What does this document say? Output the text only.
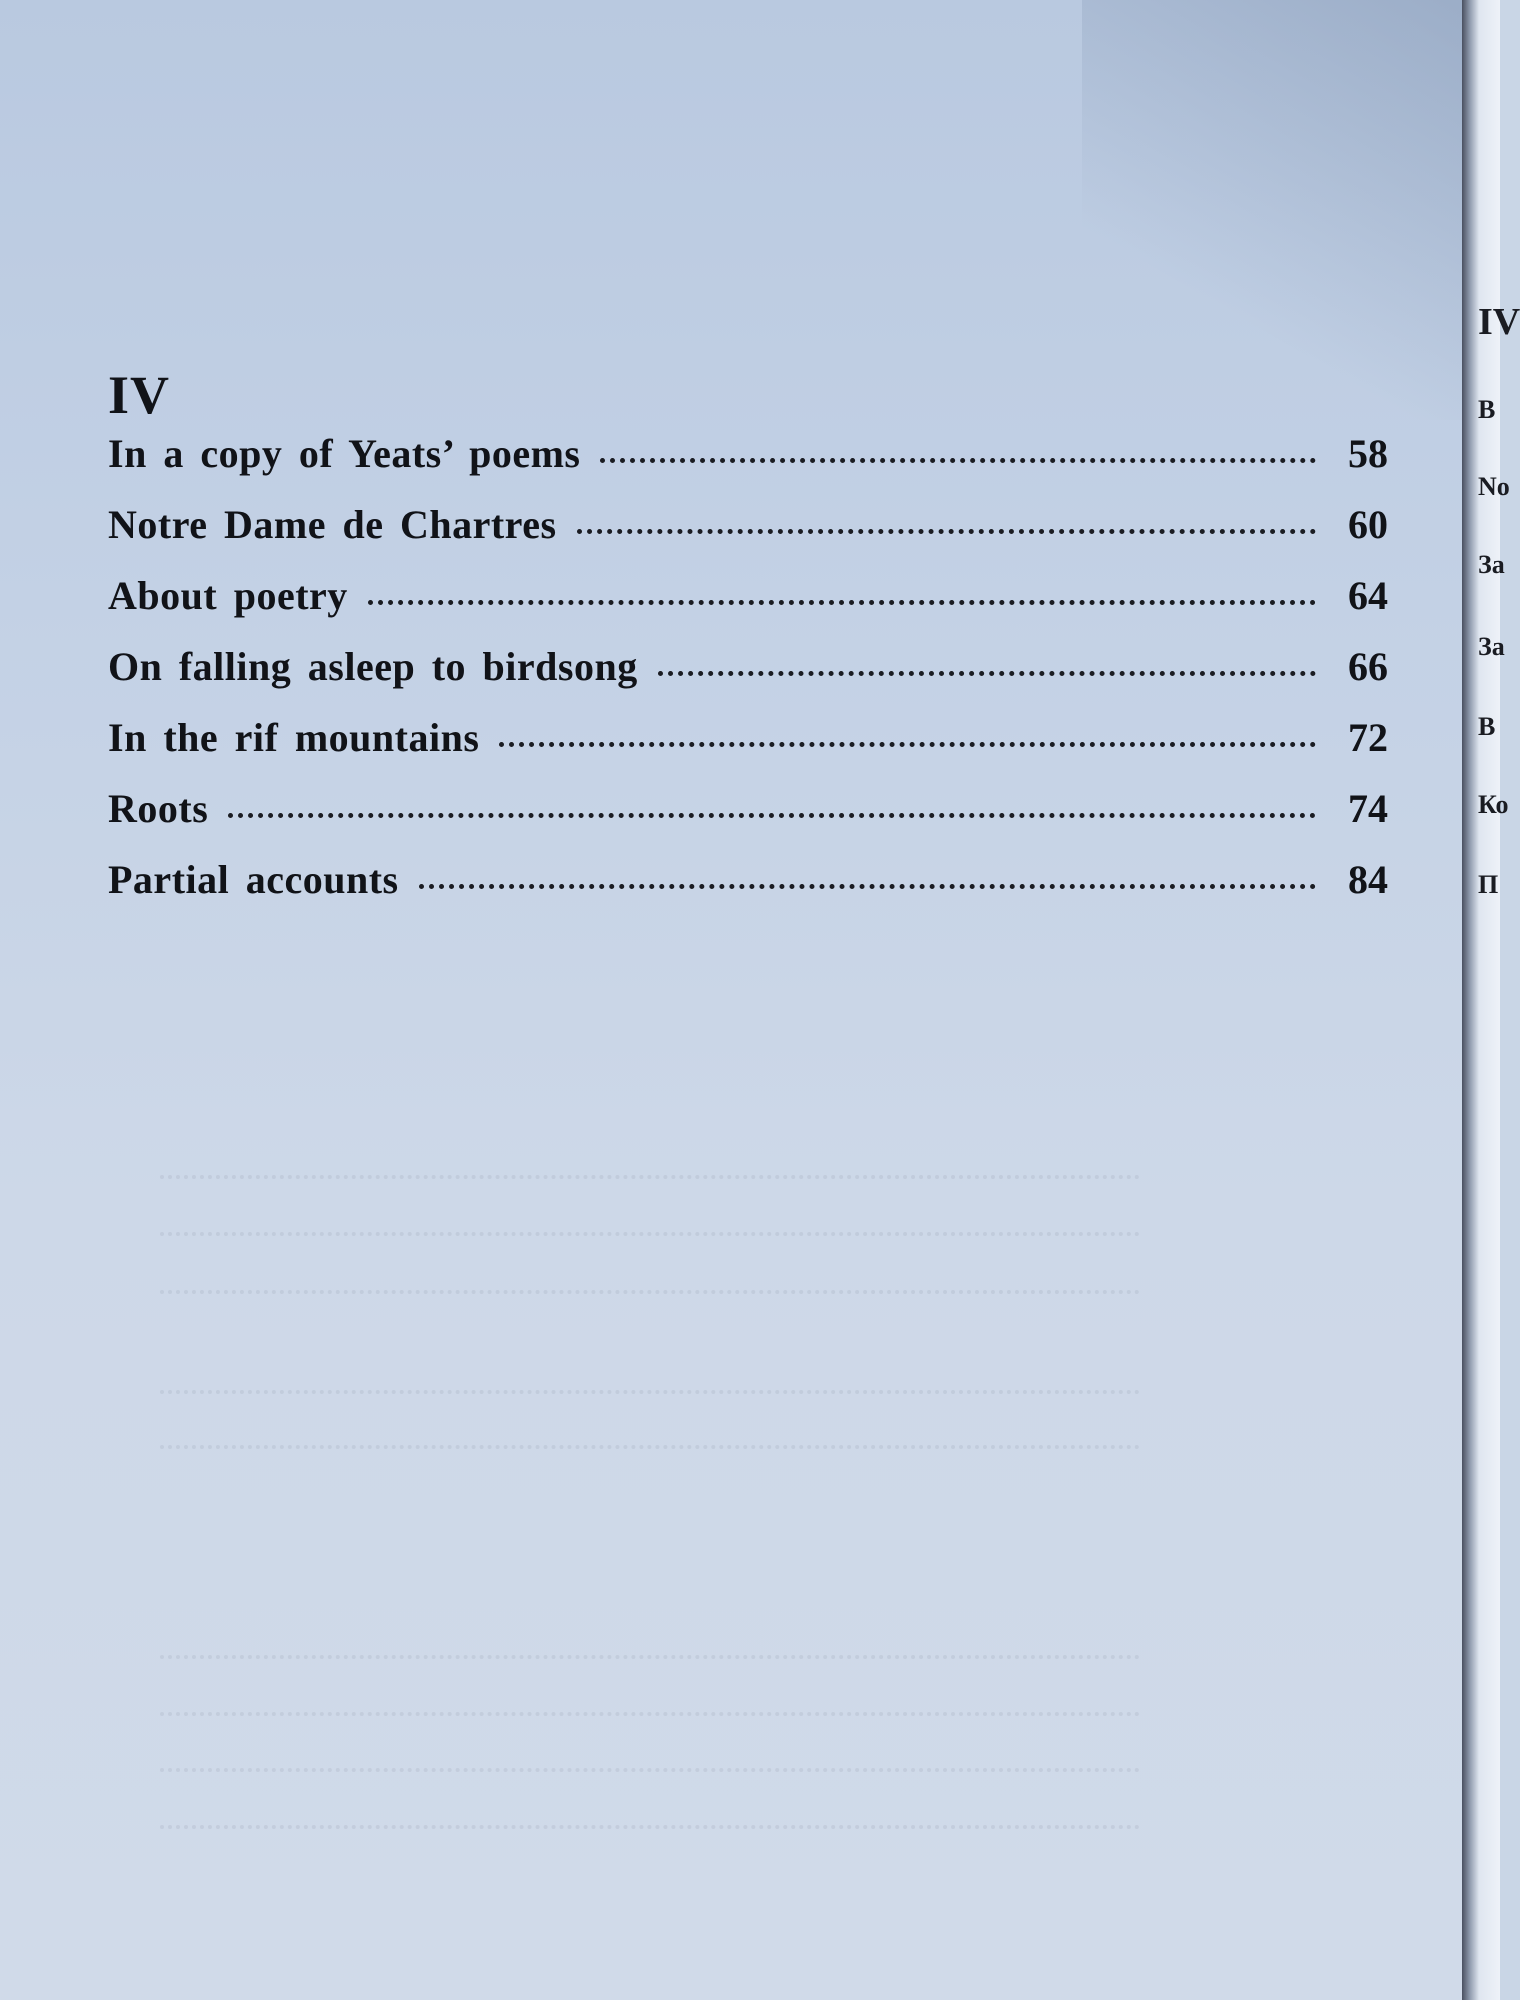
IV
In a copy of Yeats’ poems	58
Notre Dame de Chartres	60
About poetry	64
On falling asleep to birdsong	66
In the rif mountains	72
Roots	74
Partial accounts	84
IV
В
No
За
За
В
Ко
П
